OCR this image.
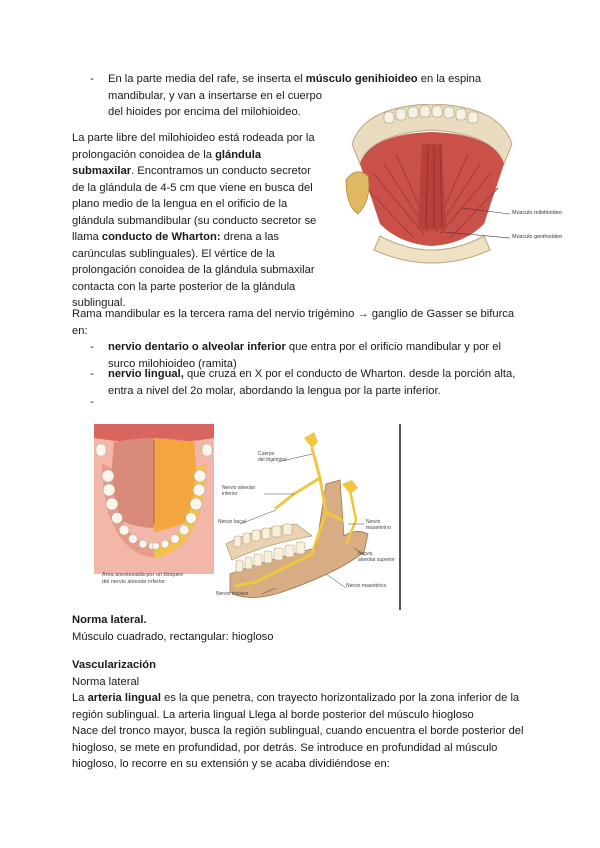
- En la parte media del rafe, se inserta el músculo genihioideo en la espina

mandibular, y van a insertarse en el cuerpo

del hioides por encima del milohioideo.

La parte libre del milohioideo está rodeada por la

prolongación conoidea de la glándula

submaxilar. Encontramos un conducto secretor

de la glándula de 4-5 cm que viene en busca del

plano medio de la lengua en el orificio de la

glándula submandibular (su conducto secretor se

llama conducto de Wharton: drena a las

carúnculas sublinguales). El vértice de la

prolongación conoidea de la glándula submaxilar

contacta con la parte posterior de la glándula

sublingual.

Músculo milohioideo
Músculo genihioideo

Rama mandibular es la tercera rama del nervio trigémino → ganglio de Gasser se bifurca

en:

- nervio dentario o alveolar inferior que entra por el orificio mandibular y por el

surco milohioideo (ramita)

- nervio lingual, que cruza en X por el conducto de Wharton. desde la porción alta,

entra a nivel del 2o molar, abordando la lengua por la parte inferior.

-
Área anestesiada por un bloqueo
del nervio alveolar inferior
Cuerpo
del trigémino
Nervio alveolar
inferior
Nervio bucal	Nervio
maseterino
Nervio
alveolar superior
Nervio masetérico
Nervio incisivo

Norma lateral.

Músculo cuadrado, rectangular: hiogloso

Vascularización

Norma lateral

La arteria lingual es la que penetra, con trayecto horizontalizado por la zona inferior de la

región sublingual. La arteria lingual Llega al borde posterior del músculo hiogloso

Nace del tronco mayor, busca la región sublingual, cuando encuentra el borde posterior del

hiogloso, se mete en profundidad, por detrás. Se introduce en profundidad al músculo

hiogloso, lo recorre en su extensión y se acaba dividiéndose en:
